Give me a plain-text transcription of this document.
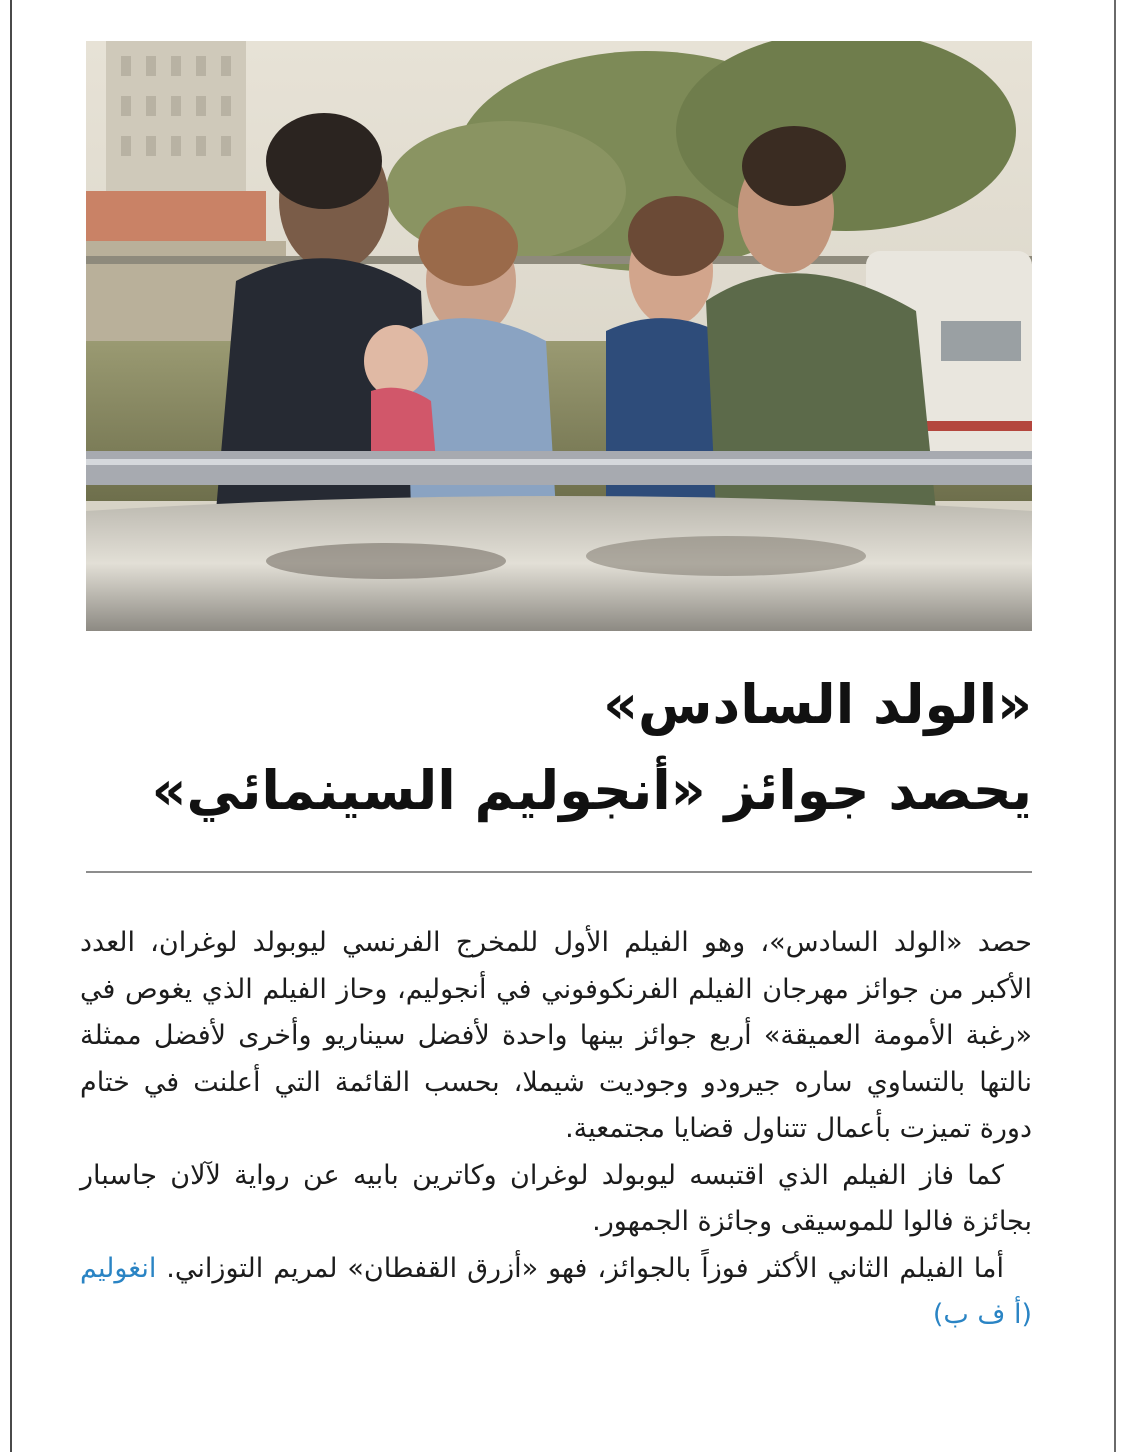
«الولد السادس»
يحصد جوائز «أنجوليم السينمائي»

حصد «الولد السادس»، وهو الفيلم الأول للمخرج الفرنسي ليوبولد لوغران، العدد الأكبر من جوائز مهرجان الفيلم الفرنكوفوني في أنجوليم، وحاز الفيلم الذي يغوص في «رغبة الأمومة العميقة» أربع جوائز بينها واحدة لأفضل سيناريو وأخرى لأفضل ممثلة نالتها بالتساوي ساره جيرودو وجوديت شيملا، بحسب القائمة التي أعلنت في ختام دورة تميزت بأعمال تتناول قضايا مجتمعية.

كما فاز الفيلم الذي اقتبسه ليوبولد لوغران وكاترين بابيه عن رواية لآلان جاسبار بجائزة فالوا للموسيقى وجائزة الجمهور.

أما الفيلم الثاني الأكثر فوزاً بالجوائز، فهو «أزرق القفطان» لمريم التوزاني. انغوليم (أ ف ب)
